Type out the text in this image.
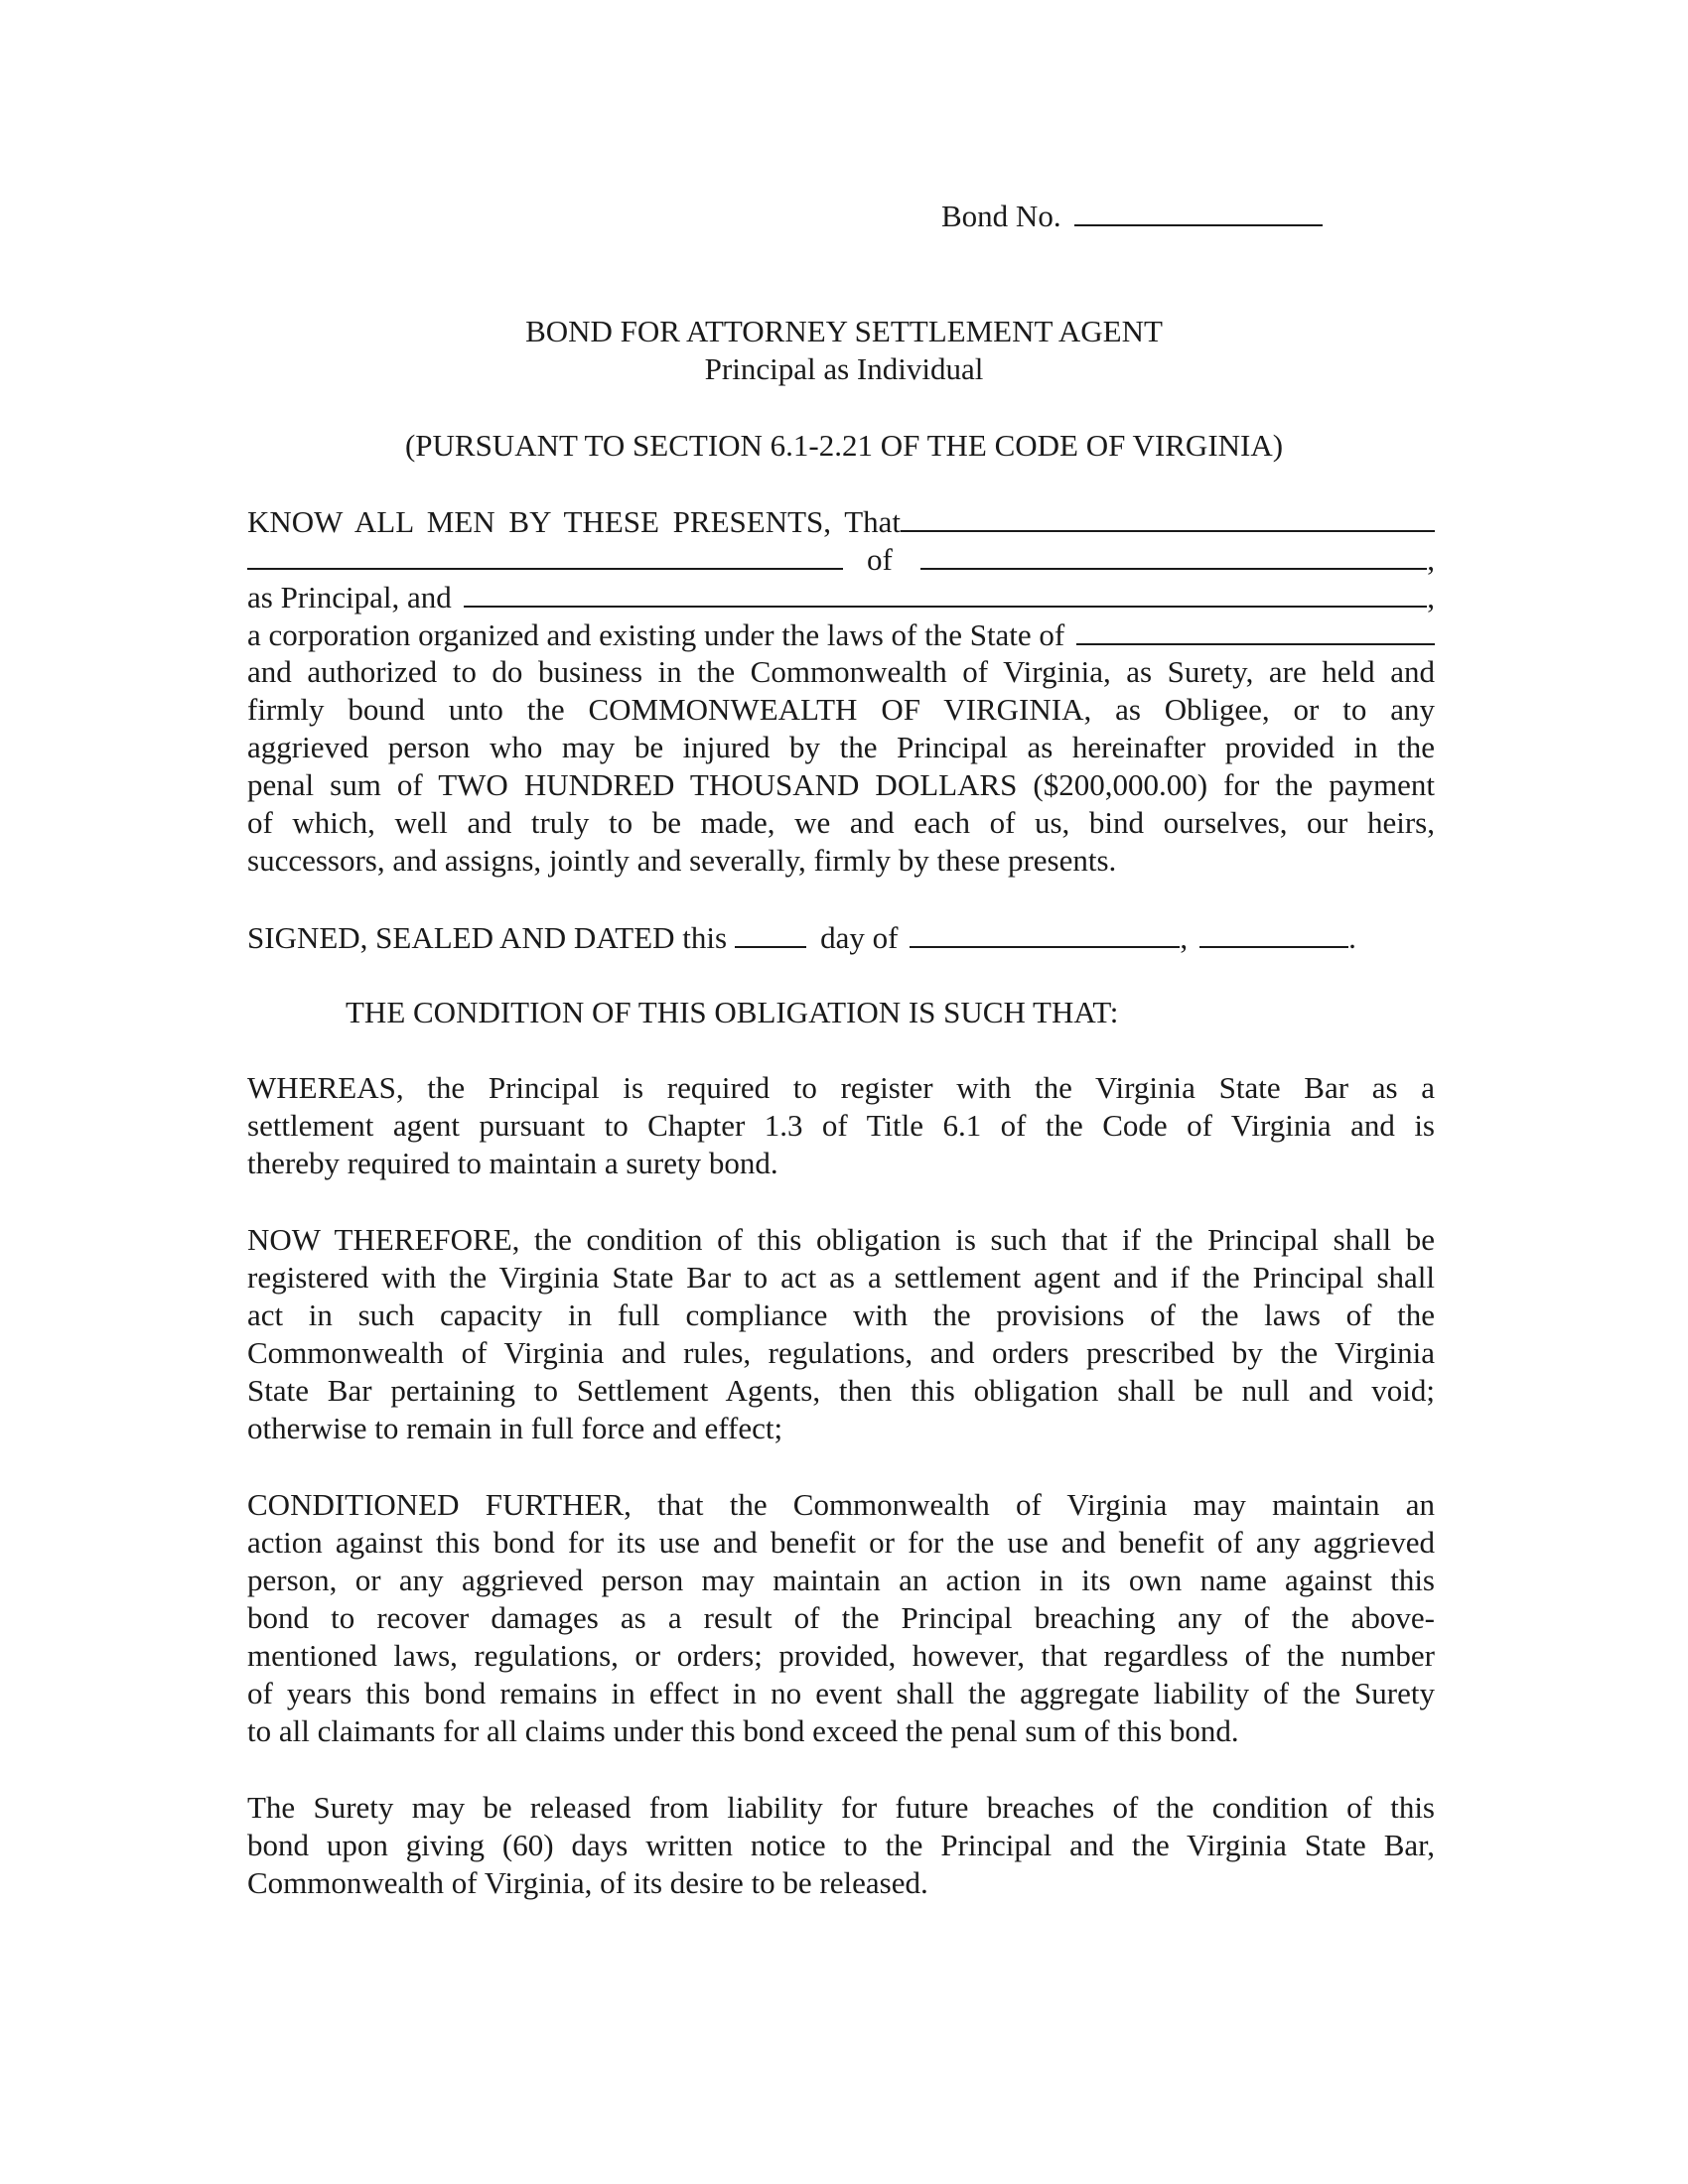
Bond No.
BOND FOR ATTORNEY SETTLEMENT AGENT
Principal as Individual
(PURSUANT TO SECTION 6.1-2.21 OF THE CODE OF VIRGINIA)
KNOW ALL MEN BY THESE PRESENTS, That
of	,
as Principal, and	,
a corporation organized and existing under the laws of the State of
and authorized to do business in the Commonwealth of Virginia, as Surety, are held and
firmly bound unto the COMMONWEALTH OF VIRGINIA, as Obligee, or to any
aggrieved person who may be injured by the Principal as hereinafter provided in the
penal sum of TWO HUNDRED THOUSAND DOLLARS ($200,000.00) for the payment
of which, well and truly to be made, we and each of us, bind ourselves, our heirs,
successors, and assigns, jointly and severally, firmly by these presents.
SIGNED, SEALED AND DATED this	day of	,	.
THE CONDITION OF THIS OBLIGATION IS SUCH THAT:
WHEREAS, the Principal is required to register with the Virginia State Bar as a
settlement agent pursuant to Chapter 1.3 of Title 6.1 of the Code of Virginia and is
thereby required to maintain a surety bond.
NOW THEREFORE, the condition of this obligation is such that if the Principal shall be
registered with the Virginia State Bar to act as a settlement agent and if the Principal shall
act in such capacity in full compliance with the provisions of the laws of the
Commonwealth of Virginia and rules, regulations, and orders prescribed by the Virginia
State Bar pertaining to Settlement Agents, then this obligation shall be null and void;
otherwise to remain in full force and effect;
CONDITIONED FURTHER, that the Commonwealth of Virginia may maintain an
action against this bond for its use and benefit or for the use and benefit of any aggrieved
person, or any aggrieved person may maintain an action in its own name against this
bond to recover damages as a result of the Principal breaching any of the above-
mentioned laws, regulations, or orders; provided, however, that regardless of the number
of years this bond remains in effect in no event shall the aggregate liability of the Surety
to all claimants for all claims under this bond exceed the penal sum of this bond.
The Surety may be released from liability for future breaches of the condition of this
bond upon giving (60) days written notice to the Principal and the Virginia State Bar,
Commonwealth of Virginia, of its desire to be released.
